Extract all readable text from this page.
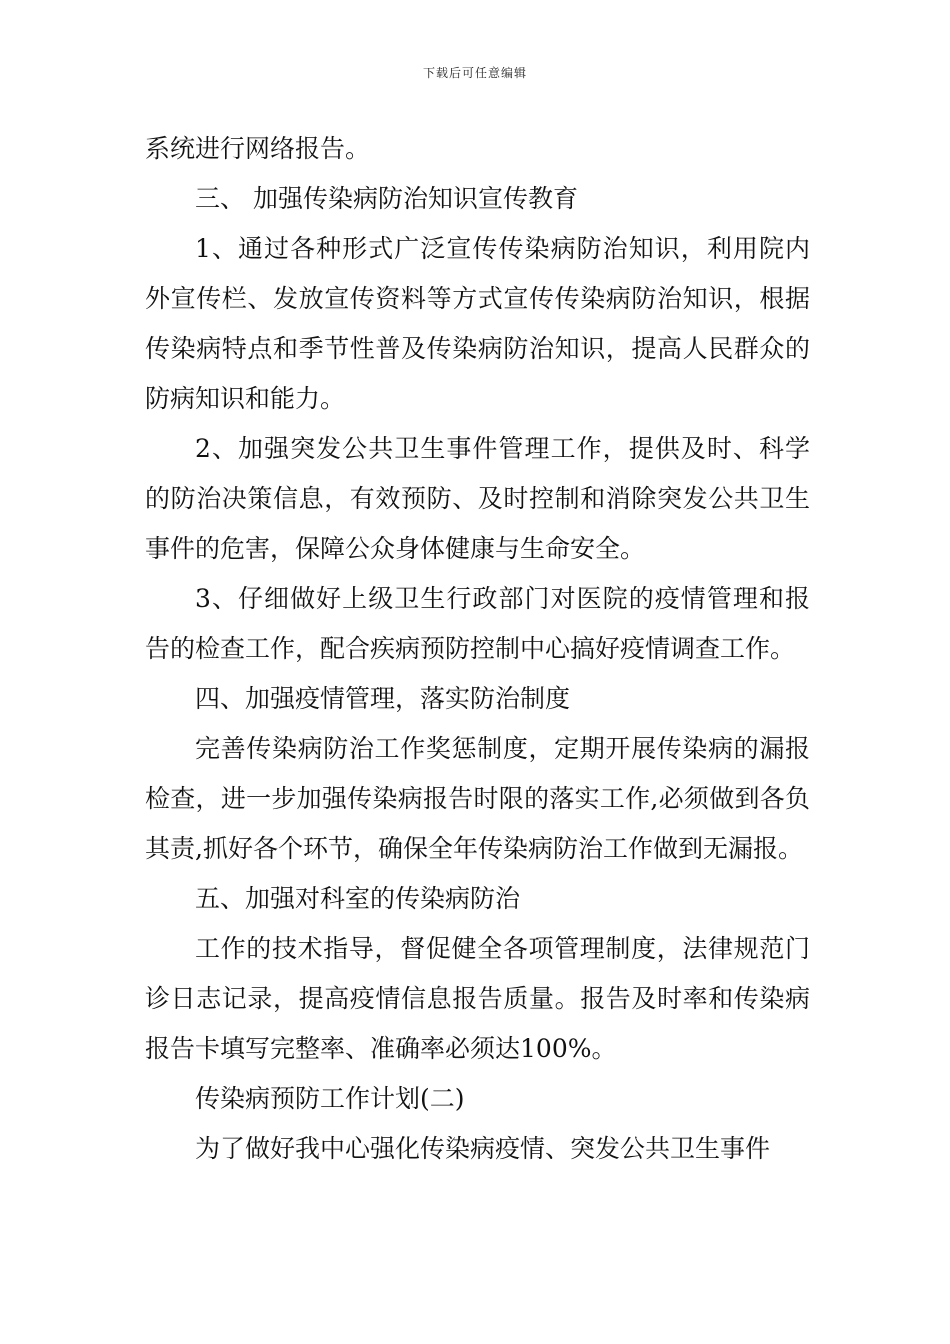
下载后可任意编辑

系统进行网络报告。

三、 加强传染病防治知识宣传教育

1、通过各种形式广泛宣传传染病防治知识，利用院内外宣传栏、发放宣传资料等方式宣传传染病防治知识，根据传染病特点和季节性普及传染病防治知识，提高人民群众的防病知识和能力。

2、加强突发公共卫生事件管理工作，提供及时、科学的防治决策信息，有效预防、及时控制和消除突发公共卫生事件的危害，保障公众身体健康与生命安全。

3、仔细做好上级卫生行政部门对医院的疫情管理和报告的检查工作，配合疾病预防控制中心搞好疫情调查工作。

四、加强疫情管理，落实防治制度

完善传染病防治工作奖惩制度，定期开展传染病的漏报检查，进一步加强传染病报告时限的落实工作,必须做到各负其责,抓好各个环节，确保全年传染病防治工作做到无漏报。

五、加强对科室的传染病防治

工作的技术指导，督促健全各项管理制度，法律规范门诊日志记录，提高疫情信息报告质量。报告及时率和传染病报告卡填写完整率、准确率必须达100%。

传染病预防工作计划(二)

为了做好我中心强化传染病疫情、突发公共卫生事件
